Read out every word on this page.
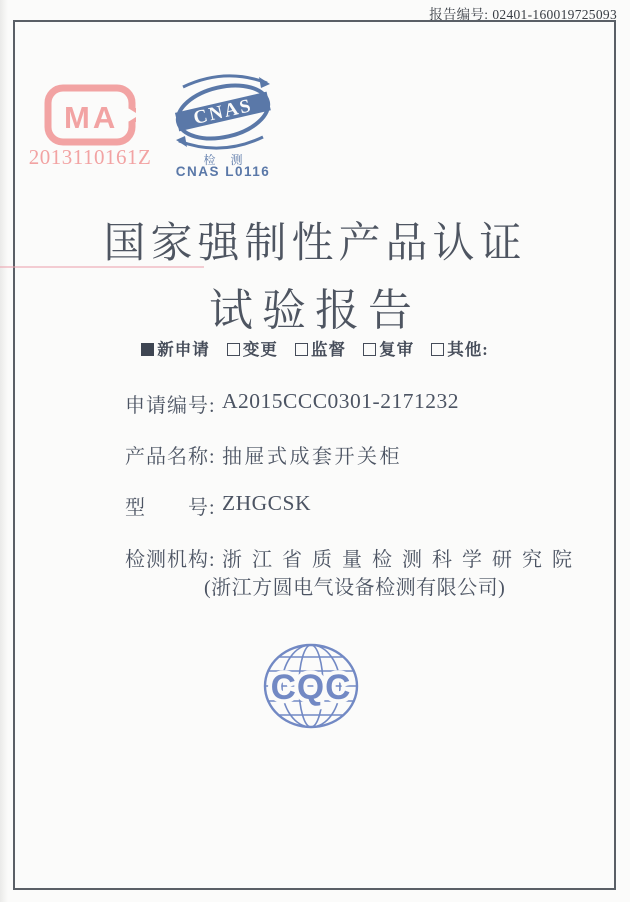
报告编号: 02401-160019725093
MA
2013110161Z
CNAS
检 测
CNAS L0116
国家强制性产品认证
试验报告
新申请 变更 监督 复审 其他:
申请编号: A2015CCC0301-2171232
产品名称: 抽屉式成套开关柜
型　　号: ZHGCSK
检测机构: 浙江省质量检测科学研究院
(浙江方圆电气设备检测有限公司)
CQC
